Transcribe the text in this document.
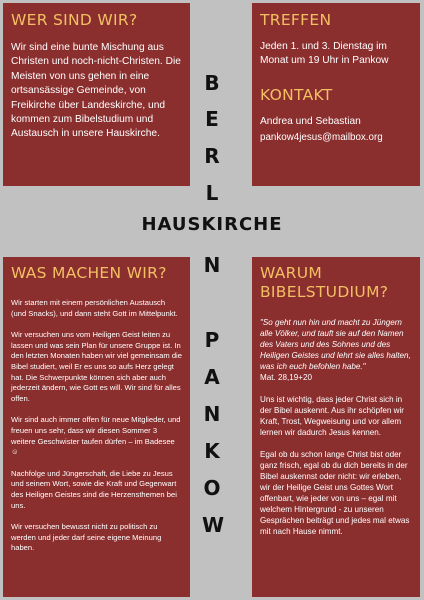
WER SIND WIR?

Wir sind eine bunte Mischung aus Christen und noch-nicht-Christen. Die Meisten von uns gehen in eine ortsansässige Gemeinde, von Freikirche über Landeskirche, und kommen zum Bibelstudium und Austausch in unsere Hauskirche.

TREFFEN

Jeden 1. und 3. Dienstag im Monat um 19 Uhr in Pankow

KONTAKT

Andrea und Sebastian

pankow4jesus@mailbox.org

B
E
R
L
HAUSKIRCHE
N
P
A
N
K
O
W
WAS MACHEN WIR?

Wir starten mit einem persönlichen Austausch (und Snacks), und dann steht Gott im Mittelpunkt.

Wir versuchen uns vom Heiligen Geist leiten zu lassen und was sein Plan für unsere Gruppe ist. In den letzten Monaten haben wir viel gemeinsam die Bibel studiert, weil Er es uns so aufs Herz gelegt hat. Die Schwerpunkte können sich aber auch jederzeit ändern, wie Gott es will. Wir sind für alles offen.

Wir sind auch immer offen für neue Mitglieder, und freuen uns sehr, dass wir diesen Sommer 3 weitere Geschwister taufen dürfen – im Badesee ☺

Nachfolge und Jüngerschaft, die Liebe zu Jesus und seinem Wort, sowie die Kraft und Gegenwart des Heiligen Geistes sind die Herzensthemen bei uns.

Wir versuchen bewusst nicht zu politisch zu werden und jeder darf seine eigene Meinung haben.

WARUM
BIBELSTUDIUM?

"So geht nun hin und macht zu Jüngern alle Völker, und tauft sie auf den Namen des Vaters und des Sohnes und des Heiligen Geistes und lehrt sie alles halten, was ich euch befohlen habe."

Mat. 28,19+20

Uns ist wichtig, dass jeder Christ sich in der Bibel auskennt. Aus ihr schöpfen wir Kraft, Trost, Wegweisung und vor allem lernen wir dadurch Jesus kennen.

Egal ob du schon lange Christ bist oder ganz frisch, egal ob du dich bereits in der Bibel auskennst oder nicht: wir erleben, wir der Heilige Geist uns Gottes Wort offenbart, wie jeder von uns – egal mit welchem Hintergrund - zu unseren Gesprächen beiträgt und jedes mal etwas mit nach Hause nimmt.
